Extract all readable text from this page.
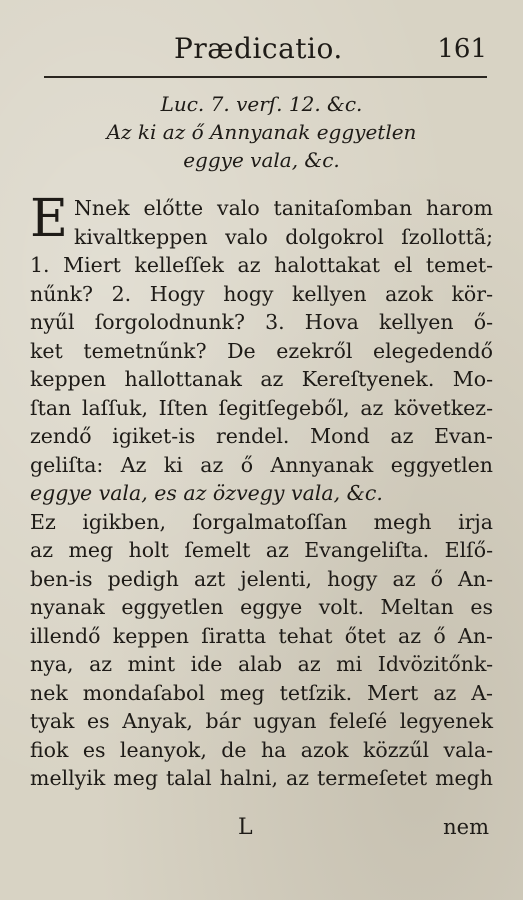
Prædicatio.	161
Luc. 7. verſ. 12. &c.
Az ki az ő Annyanak eggyetlen
eggye vala, &c.
E Nnek előtte valo tanitaſomban harom
kivaltkeppen valo dolgokrol ſzollottã;
1. Miert kelleſſek az halottakat el temet-
nűnk? 2. Hogy hogy kellyen azok kör-
nyűl ſorgolodnunk? 3. Hova kellyen ő-
ket temetnűnk? De ezekről elegedendő
keppen hallottanak az Kereſtyenek. Mo-
ſtan laſſuk, Iſten ſegitſegeből, az következ-
zendő igiket-is rendel. Mond az Evan-
geliſta: Az ki az ő Annyanak eggyetlen
eggye vala, es az özvegy vala, &c.
Ez igikben, ſorgalmatoſſan megh irja
az meg holt ſemelt az Evangeliſta. Elſő-
ben-is pedigh azt jelenti, hogy az ő An-
nyanak eggyetlen eggye volt. Meltan es
illendő keppen ſiratta tehat őtet az ő An-
nya, az mint ide alab az mi Idvözitőnk-
nek mondaſabol meg tetſzik. Mert az A-
tyak es Anyak, bár ugyan feleſé legyenek
fiok es leanyok, de ha azok közzűl vala-
mellyik meg talal halni, az termeſetet megh
L	nem
